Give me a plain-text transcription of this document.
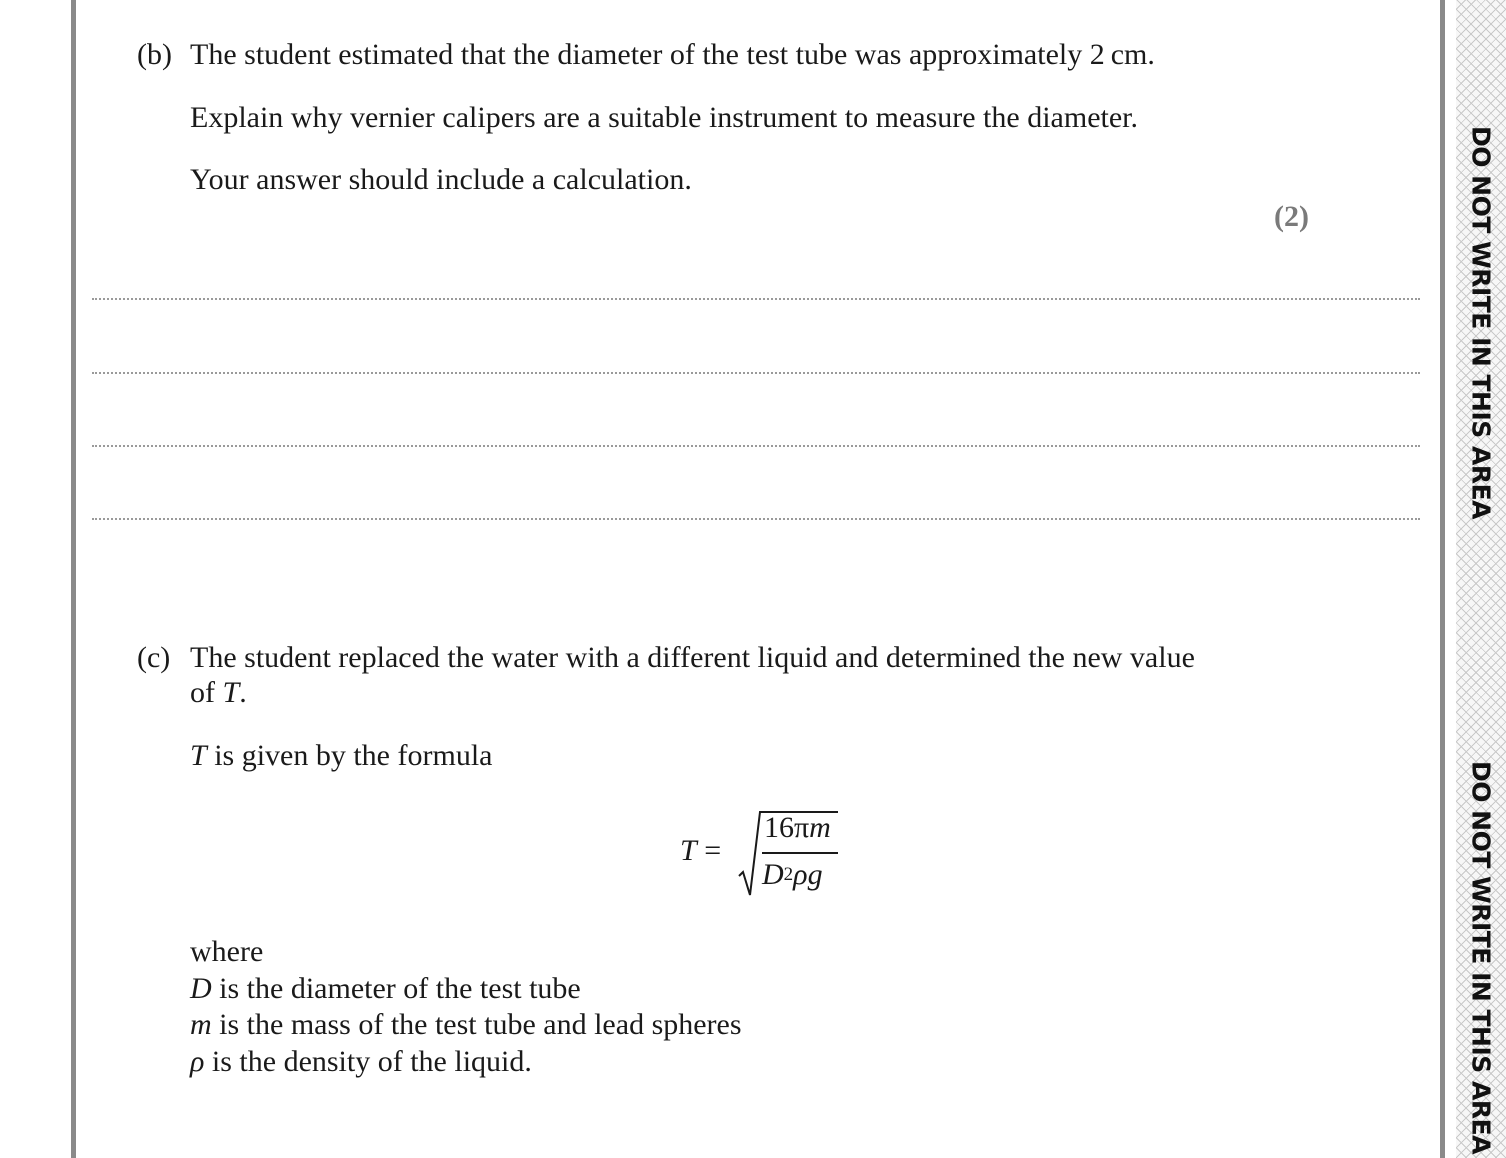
DO NOT WRITE IN THIS AREA
DO NOT WRITE IN THIS AREA
(b) The student estimated that the diameter of the test tube was approximately 2 cm.
Explain why vernier calipers are a suitable instrument to measure the diameter.
Your answer should include a calculation.
(2)
(c) The student replaced the water with a different liquid and determined the new value
of T.
T is given by the formula
T =
16πm
$D^2\rho g$
where
D is the diameter of the test tube
m is the mass of the test tube and lead spheres
ρ is the density of the liquid.
